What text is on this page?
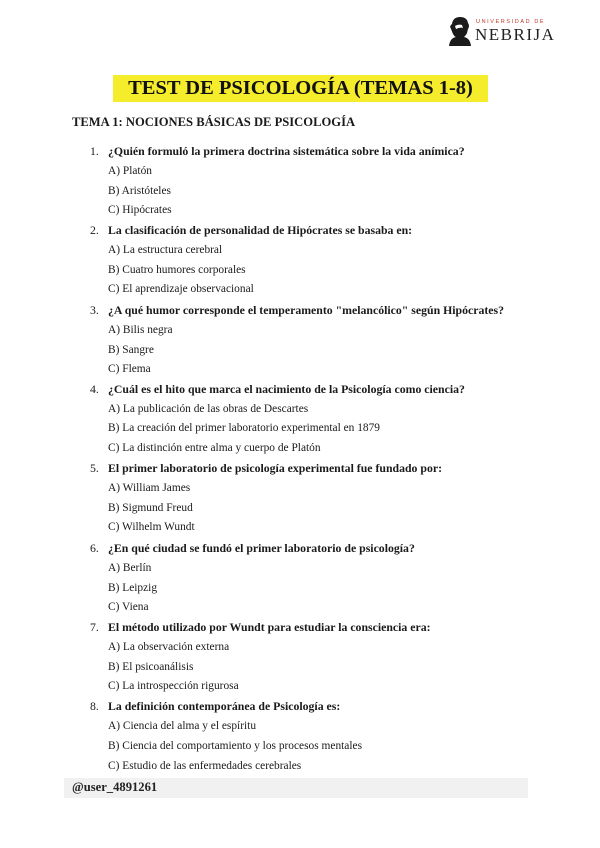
UNIVERSIDAD DE
NEBRIJA
TEST DE PSICOLOGÍA (TEMAS 1-8)
TEMA 1: NOCIONES BÁSICAS DE PSICOLOGÍA
1. ¿Quién formuló la primera doctrina sistemática sobre la vida anímica?
A) Platón
B) Aristóteles
C) Hipócrates
2. La clasificación de personalidad de Hipócrates se basaba en:
A) La estructura cerebral
B) Cuatro humores corporales
C) El aprendizaje observacional
3. ¿A qué humor corresponde el temperamento "melancólico" según Hipócrates?
A) Bilis negra
B) Sangre
C) Flema
4. ¿Cuál es el hito que marca el nacimiento de la Psicología como ciencia?
A) La publicación de las obras de Descartes
B) La creación del primer laboratorio experimental en 1879
C) La distinción entre alma y cuerpo de Platón
5. El primer laboratorio de psicología experimental fue fundado por:
A) William James
B) Sigmund Freud
C) Wilhelm Wundt
6. ¿En qué ciudad se fundó el primer laboratorio de psicología?
A) Berlín
B) Leipzig
C) Viena
7. El método utilizado por Wundt para estudiar la consciencia era:
A) La observación externa
B) El psicoanálisis
C) La introspección rigurosa
8. La definición contemporánea de Psicología es:
A) Ciencia del alma y el espíritu
B) Ciencia del comportamiento y los procesos mentales
C) Estudio de las enfermedades cerebrales
@user_4891261
